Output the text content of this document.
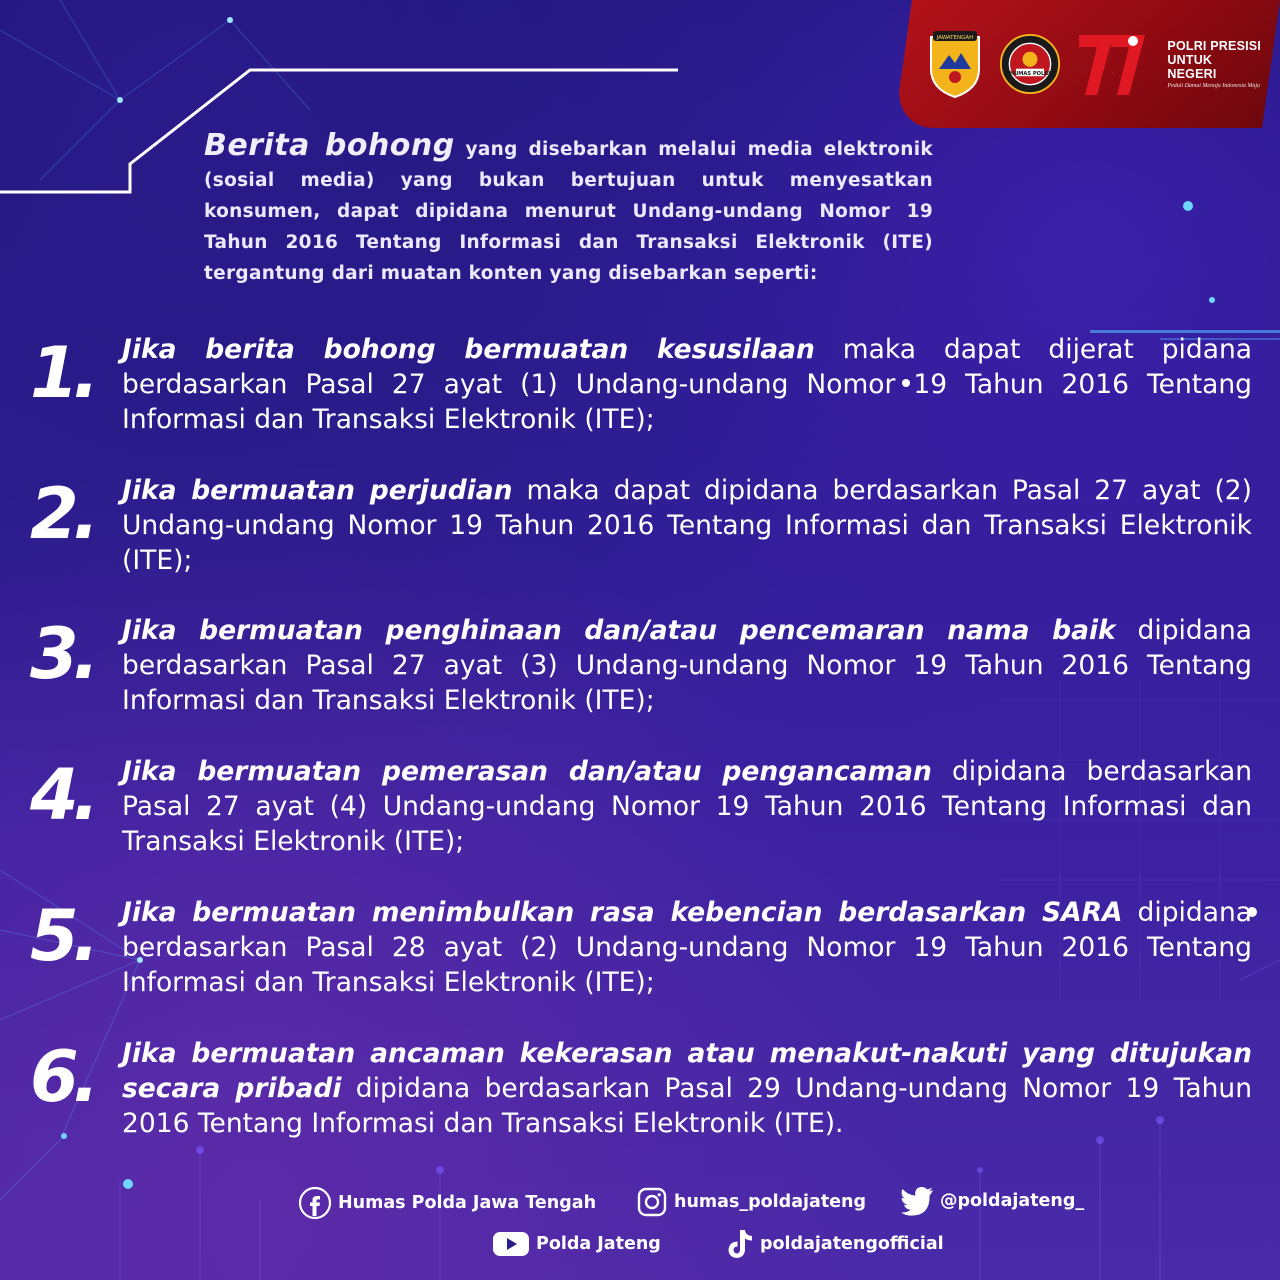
JAWATENGAH
HUMAS POLRI	77
POLRI PRESISI
UNTUK NEGERI
Peduli Damai Menuju Indonesia Maju
Berita bohong yang disebarkan melalui media elektronik (sosial media) yang bukan bertujuan untuk menyesatkan konsumen, dapat dipidana menurut Undang-undang Nomor 19 Tahun 2016 Tentang Informasi dan Transaksi Elektronik (ITE) tergantung dari muatan konten yang disebarkan seperti:
1.	Jika berita bohong bermuatan kesusilaan maka dapat dijerat pidana berdasarkan Pasal 27 ayat (1) Undang-undang Nomor 19 Tahun 2016 Tentang Informasi dan Transaksi Elektronik (ITE);
2.	Jika bermuatan perjudian maka dapat dipidana berdasarkan Pasal 27 ayat (2) Undang-undang Nomor 19 Tahun 2016 Tentang Informasi dan Transaksi Elektronik (ITE);
3.	Jika bermuatan penghinaan dan/atau pencemaran nama baik dipidana berdasarkan Pasal 27 ayat (3) Undang-undang Nomor 19 Tahun 2016 Tentang Informasi dan Transaksi Elektronik (ITE);
4.	Jika bermuatan pemerasan dan/atau pengancaman dipidana berdasarkan Pasal 27 ayat (4) Undang-undang Nomor 19 Tahun 2016 Tentang Informasi dan Transaksi Elektronik (ITE);
5.	Jika bermuatan menimbulkan rasa kebencian berdasarkan SARA dipidana berdasarkan Pasal 28 ayat (2) Undang-undang Nomor 19 Tahun 2016 Tentang Informasi dan Transaksi Elektronik (ITE);
6.	Jika bermuatan ancaman kekerasan atau menakut-nakuti yang ditujukan secara pribadi dipidana berdasarkan Pasal 29 Undang-undang Nomor 19 Tahun 2016 Tentang Informasi dan Transaksi Elektronik (ITE).
Humas Polda Jawa Tengah	humas_poldajateng	@poldajateng_
Polda Jateng	poldajatengofficial
